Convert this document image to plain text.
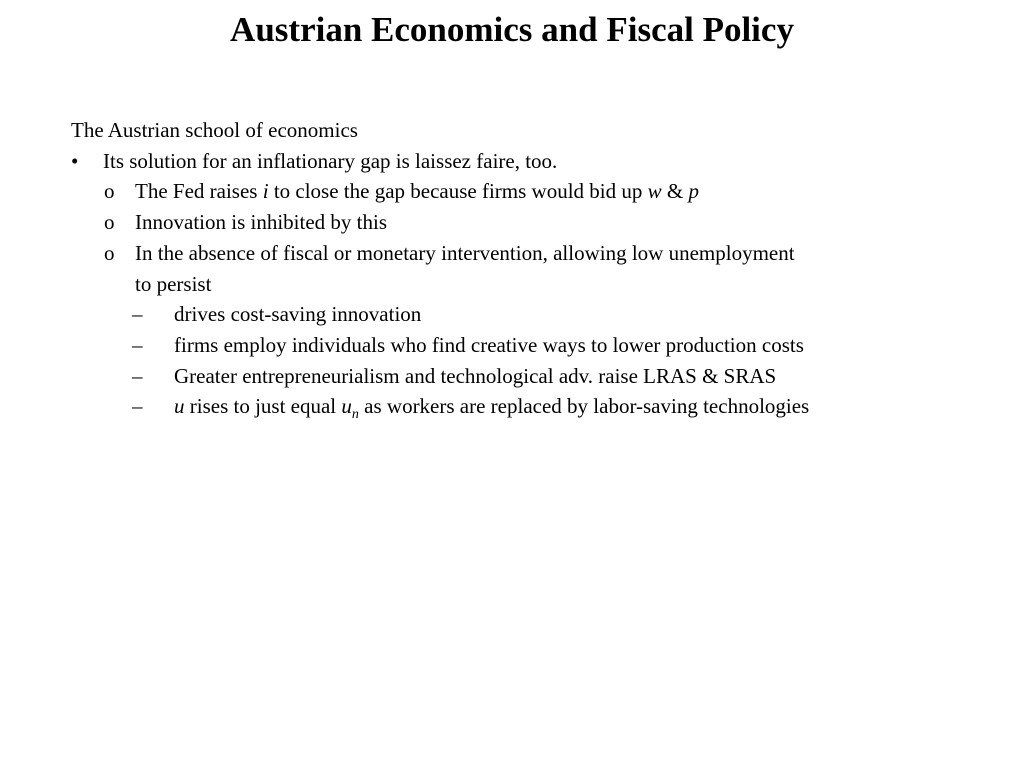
Austrian Economics and Fiscal Policy
The Austrian school of economics
• Its solution for an inflationary gap is laissez faire, too.
o The Fed raises i to close the gap because firms would bid up w & p
o Innovation is inhibited by this
o In the absence of fiscal or monetary intervention, allowing low unemployment
to persist
– drives cost-saving innovation
– firms employ individuals who find creative ways to lower production costs
– Greater entrepreneurialism and technological adv. raise LRAS & SRAS
– u rises to just equal $u_n$ as workers are replaced by labor-saving technologies
